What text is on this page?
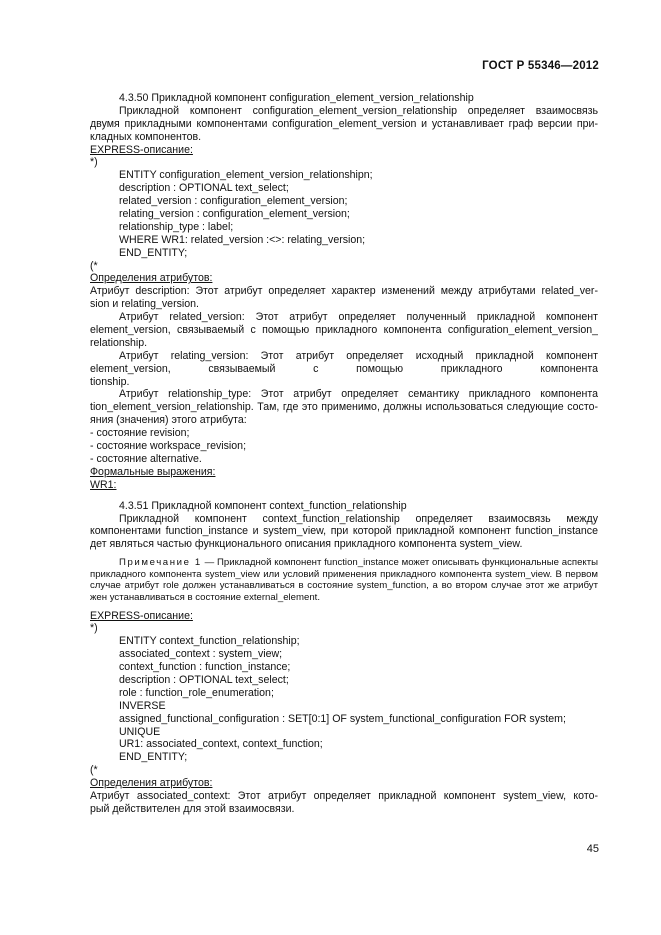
ГОСТ Р 55346—2012
4.3.50 Прикладной компонент configuration_element_version_relationship
Прикладной компонент configuration_element_version_relationship определяет взаимосвязь
двумя прикладными компонентами configuration_element_version и устанавливает граф версии при-
кладных компонентов.
EXPRESS-описание:
*)
ENTITY configuration_element_version_relationshipn;
description : OPTIONAL text_select;
related_version : configuration_element_version;
relating_version : configuration_element_version;
relationship_type : label;
WHERE WR1: related_version :<>: relating_version;
END_ENTITY;
(*
Определения атрибутов:
Атрибут description: Этот атрибут определяет характер изменений между атрибутами related_ver-
sion и relating_version.
Атрибут related_version: Этот атрибут определяет полученный прикладной компонент
element_version, связываемый с помощью прикладного компонента configuration_element_version_
relationship.
Атрибут relating_version: Этот атрибут определяет исходный прикладной компонент
element_version, связываемый с помощью прикладного компонента
tionship.
Атрибут relationship_type: Этот атрибут определяет семантику прикладного компонента
tion_element_version_relationship. Там, где это применимо, должны использоваться следующие состо-
яния (значения) этого атрибута:
- состояние revision;
- состояние workspace_revision;
- состояние alternative.
Формальные выражения:
WR1:
4.3.51 Прикладной компонент context_function_relationship
Прикладной компонент context_function_relationship определяет взаимосвязь между
компонентами function_instance и system_view, при которой прикладной компонент function_instance
дет являться частью функционального описания прикладного компонента system_view.
Примечание 1 — Прикладной компонент function_instance может описывать функциональные аспекты
прикладного компонента system_view или условий применения прикладного компонента system_view. В первом
случае атрибут role должен устанавливаться в состояние system_function, а во втором случае этот же атрибут
жен устанавливаться в состояние external_element.
EXPRESS-описание:
*)
ENTITY context_function_relationship;
associated_context : system_view;
context_function : function_instance;
description : OPTIONAL text_select;
role : function_role_enumeration;
INVERSE
assigned_functional_configuration : SET[0:1] OF system_functional_configuration FOR system;
UNIQUE
UR1: associated_context, context_function;
END_ENTITY;
(*
Определения атрибутов:
Атрибут associated_context: Этот атрибут определяет прикладной компонент system_view, кото-
рый действителен для этой взаимосвязи.
45
